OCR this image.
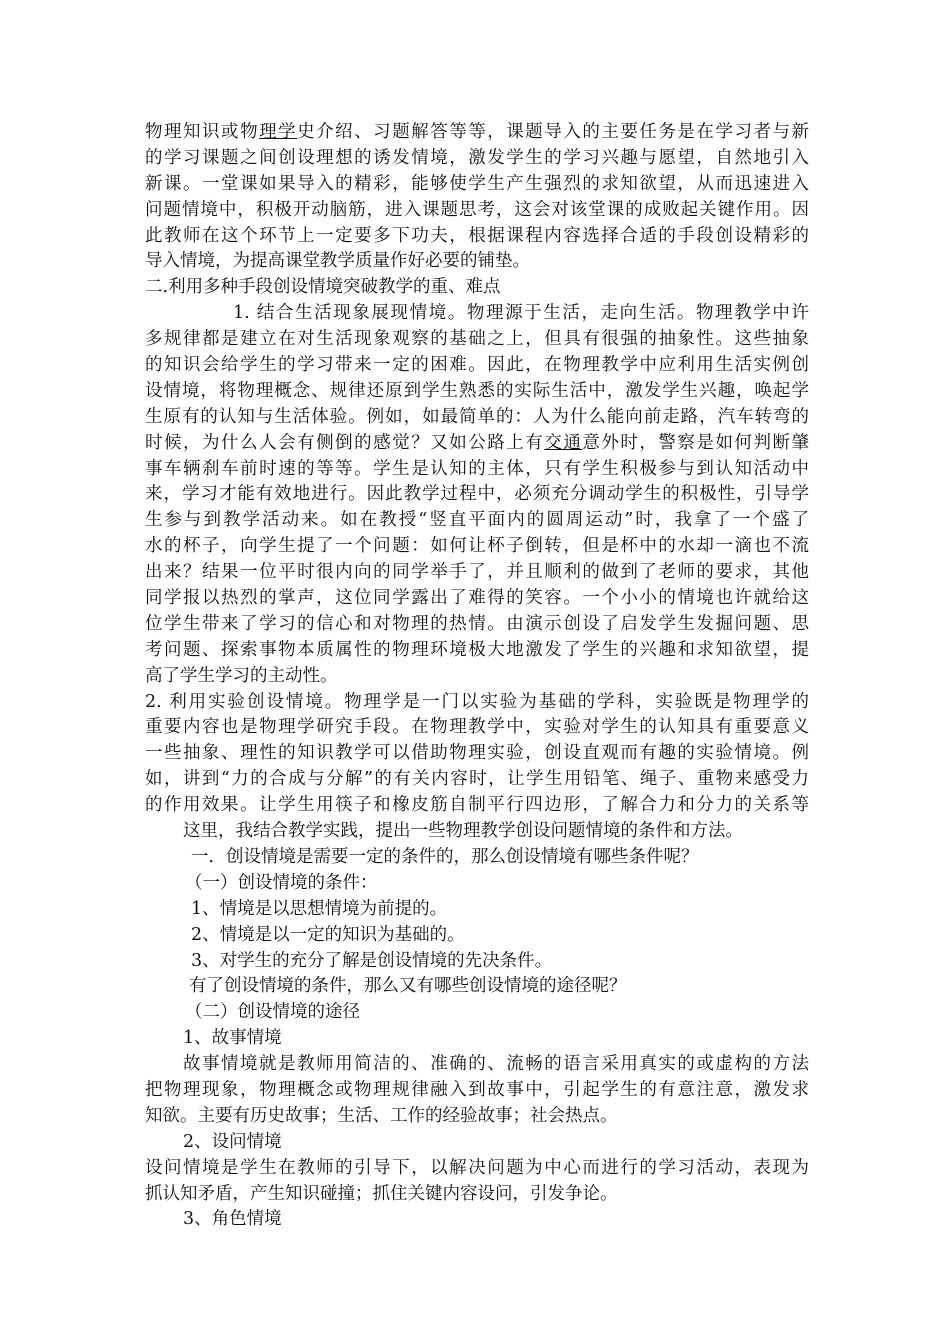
物理知识或物理学史介绍、习题解答等等，课题导入的主要任务是在学习者与新
的学习课题之间创设理想的诱发情境，激发学生的学习兴趣与愿望，自然地引入
新课。一堂课如果导入的精彩，能够使学生产生强烈的求知欲望，从而迅速进入
问题情境中，积极开动脑筋，进入课题思考，这会对该堂课的成败起关键作用。因
此教师在这个环节上一定要多下功夫，根据课程内容选择合适的手段创设精彩的
导入情境，为提高课堂教学质量作好必要的铺垫。
二.利用多种手段创设情境突破教学的重、难点
1. 结合生活现象展现情境。物理源于生活，走向生活。物理教学中许
多规律都是建立在对生活现象观察的基础之上，但具有很强的抽象性。这些抽象
的知识会给学生的学习带来一定的困难。因此，在物理教学中应利用生活实例创
设情境，将物理概念、规律还原到学生熟悉的实际生活中，激发学生兴趣，唤起学
生原有的认知与生活体验。例如，如最简单的：人为什么能向前走路，汽车转弯的
时候，为什么人会有侧倒的感觉？又如公路上有交通意外时，警察是如何判断肇
事车辆刹车前时速的等等。学生是认知的主体，只有学生积极参与到认知活动中
来，学习才能有效地进行。因此教学过程中，必须充分调动学生的积极性，引导学
生参与到教学活动来。如在教授“竖直平面内的圆周运动”时，我拿了一个盛了
水的杯子，向学生提了一个问题：如何让杯子倒转，但是杯中的水却一滴也不流
出来？结果一位平时很内向的同学举手了，并且顺利的做到了老师的要求，其他
同学报以热烈的掌声，这位同学露出了难得的笑容。一个小小的情境也许就给这
位学生带来了学习的信心和对物理的热情。由演示创设了启发学生发掘问题、思
考问题、探索事物本质属性的物理环境极大地激发了学生的兴趣和求知欲望，提
高了学生学习的主动性。
2. 利用实验创设情境。物理学是一门以实验为基础的学科，实验既是物理学的
重要内容也是物理学研究手段。在物理教学中，实验对学生的认知具有重要意义
一些抽象、理性的知识教学可以借助物理实验，创设直观而有趣的实验情境。例
如，讲到“力的合成与分解”的有关内容时，让学生用铅笔、绳子、重物来感受力
的作用效果。让学生用筷子和橡皮筋自制平行四边形，了解合力和分力的关系等
这里，我结合教学实践，提出一些物理教学创设问题情境的条件和方法。
一．创设情境是需要一定的条件的，那么创设情境有哪些条件呢？
（一）创设情境的条件：
1、情境是以思想情境为前提的。
2、情境是以一定的知识为基础的。
3、对学生的充分了解是创设情境的先决条件。
有了创设情境的条件，那么又有哪些创设情境的途径呢？
（二）创设情境的途径
1、故事情境
故事情境就是教师用简洁的、准确的、流畅的语言采用真实的或虚构的方法
把物理现象，物理概念或物理规律融入到故事中，引起学生的有意注意，激发求
知欲。主要有历史故事；生活、工作的经验故事；社会热点。
2、设问情境
设问情境是学生在教师的引导下，以解决问题为中心而进行的学习活动，表现为
抓认知矛盾，产生知识碰撞；抓住关键内容设问，引发争论。
3、角色情境
